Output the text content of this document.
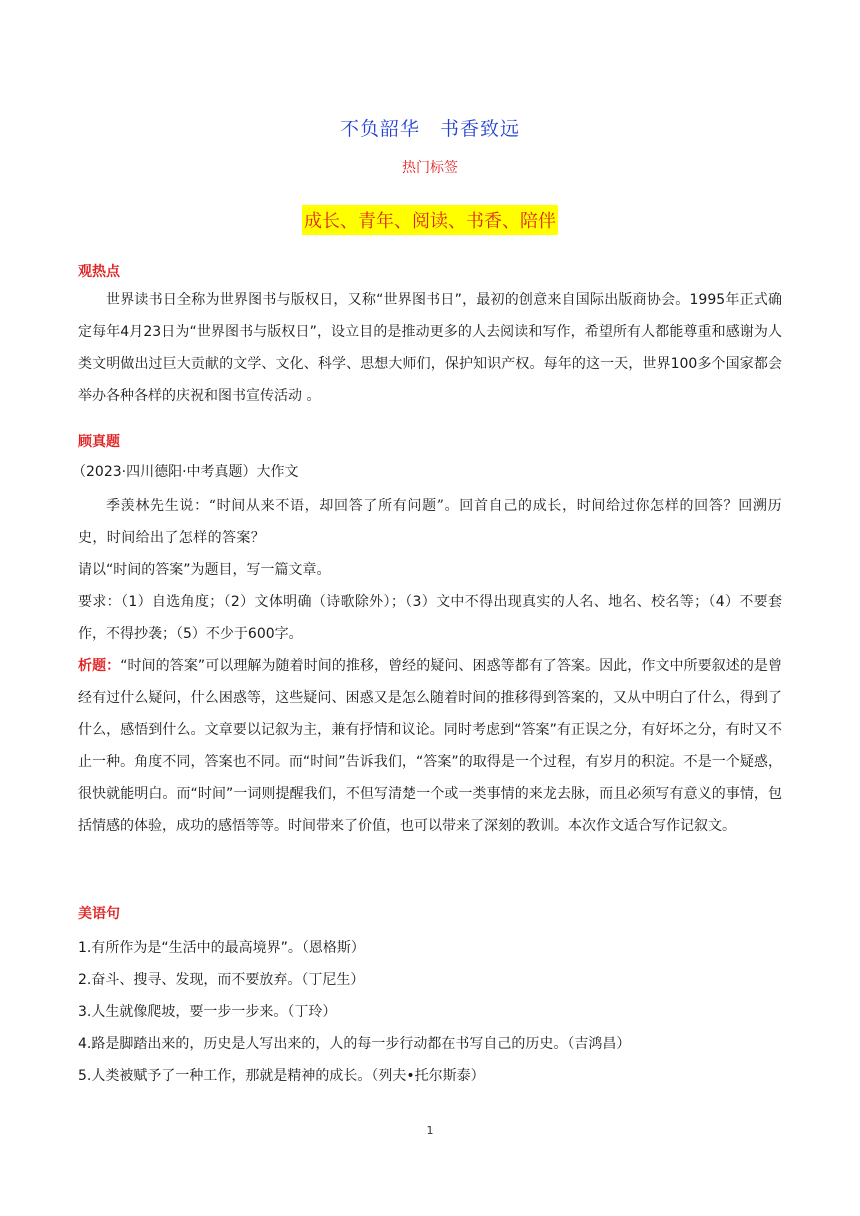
不负韶华　书香致远
热门标签
成长、青年、阅读、书香、陪伴

观热点

世界读书日全称为世界图书与版权日，又称“世界图书日”，最初的创意来自国际出版商协会。1995年正式确定每年4月23日为“世界图书与版权日”，设立目的是推动更多的人去阅读和写作，希望所有人都能尊重和感谢为人类文明做出过巨大贡献的文学、文化、科学、思想大师们，保护知识产权。每年的这一天，世界100多个国家都会举办各种各样的庆祝和图书宣传活动 。

顾真题

（2023·四川德阳·中考真题）大作文

季羡林先生说：“时间从来不语，却回答了所有问题”。回首自己的成长，时间给过你怎样的回答？回溯历史，时间给出了怎样的答案？

请以“时间的答案”为题目，写一篇文章。

要求：（1）自选角度；（2）文体明确（诗歌除外）；（3）文中不得出现真实的人名、地名、校名等；（4）不要套作，不得抄袭；（5）不少于600字。

析题：“时间的答案”可以理解为随着时间的推移，曾经的疑问、困惑等都有了答案。因此，作文中所要叙述的是曾经有过什么疑问，什么困惑等，这些疑问、困惑又是怎么随着时间的推移得到答案的，又从中明白了什么，得到了什么，感悟到什么。文章要以记叙为主，兼有抒情和议论。同时考虑到“答案”有正误之分，有好坏之分，有时又不止一种。角度不同，答案也不同。而“时间”告诉我们，“答案”的取得是一个过程，有岁月的积淀。不是一个疑惑，很快就能明白。而“时间”一词则提醒我们，不但写清楚一个或一类事情的来龙去脉，而且必须写有意义的事情，包括情感的体验，成功的感悟等等。时间带来了价值，也可以带来了深刻的教训。本次作文适合写作记叙文。

美语句

1.有所作为是“生活中的最高境界”。（恩格斯）
2.奋斗、搜寻、发现，而不要放弃。（丁尼生）
3.人生就像爬坡，要一步一步来。（丁玲）
4.路是脚踏出来的，历史是人写出来的，人的每一步行动都在书写自己的历史。（吉鸿昌）
5.人类被赋予了一种工作，那就是精神的成长。（列夫•托尔斯泰）
1
